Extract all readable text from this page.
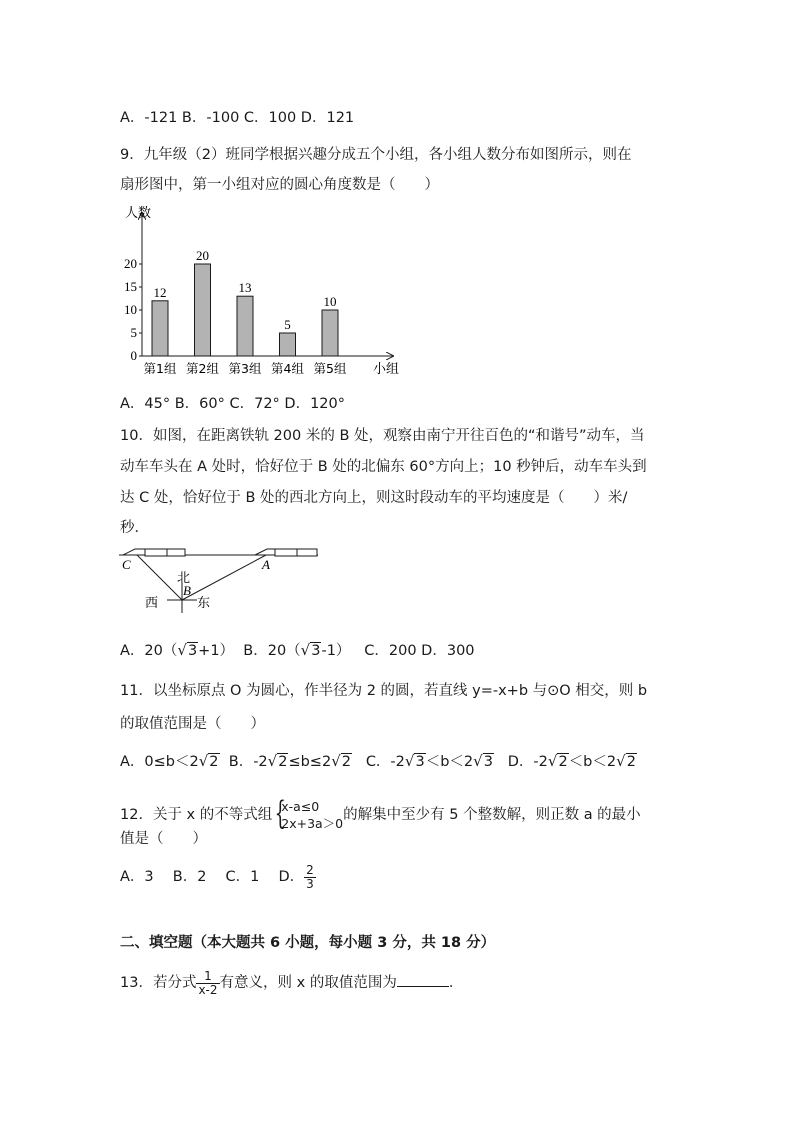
A．-121 B．-100 C．100 D．121
9．九年级（2）班同学根据兴趣分成五个小组，各小组人数分布如图所示，则在
扇形图中，第一小组对应的圆心角度数是（　　）
人数
小组
0
5
10
15
20
12
第1组
20
第2组
13
第3组
5
第4组
10
第5组
A．45° B．60° C．72° D．120°
10．如图，在距离铁轨 200 米的 B 处，观察由南宁开往百色的“和谐号”动车，当
动车车头在 A 处时，恰好位于 B 处的北偏东 60°方向上；10 秒钟后，动车车头到
达 C 处，恰好位于 B 处的西北方向上，则这时段动车的平均速度是（　　）米/
秒．
C	A
B
北
西	东
A．20（√3+1） B．20（√3-1） C．200 D．300
11．以坐标原点 O 为圆心，作半径为 2 的圆，若直线 y=-x+b 与⊙O 相交，则 b
的取值范围是（　　）
A．0≤b＜2√2 B．-2√2≤b≤2√2 C．-2√3＜b＜2√3 D．-2√2＜b＜2√2
12．关于 x 的不等式组 {
x-a≤0
2x+3a＞0
的解集中至少有 5 个整数解，则正数 a 的最小
值是（　　）
A．3　 B．2　 C．1　 D． $\frac{2}{3}$
二、填空题（本大题共 6 小题，每小题 3 分，共 18 分）
13．若分式 $\frac{1}{x-2}$ 有意义，则 x 的取值范围为	．
